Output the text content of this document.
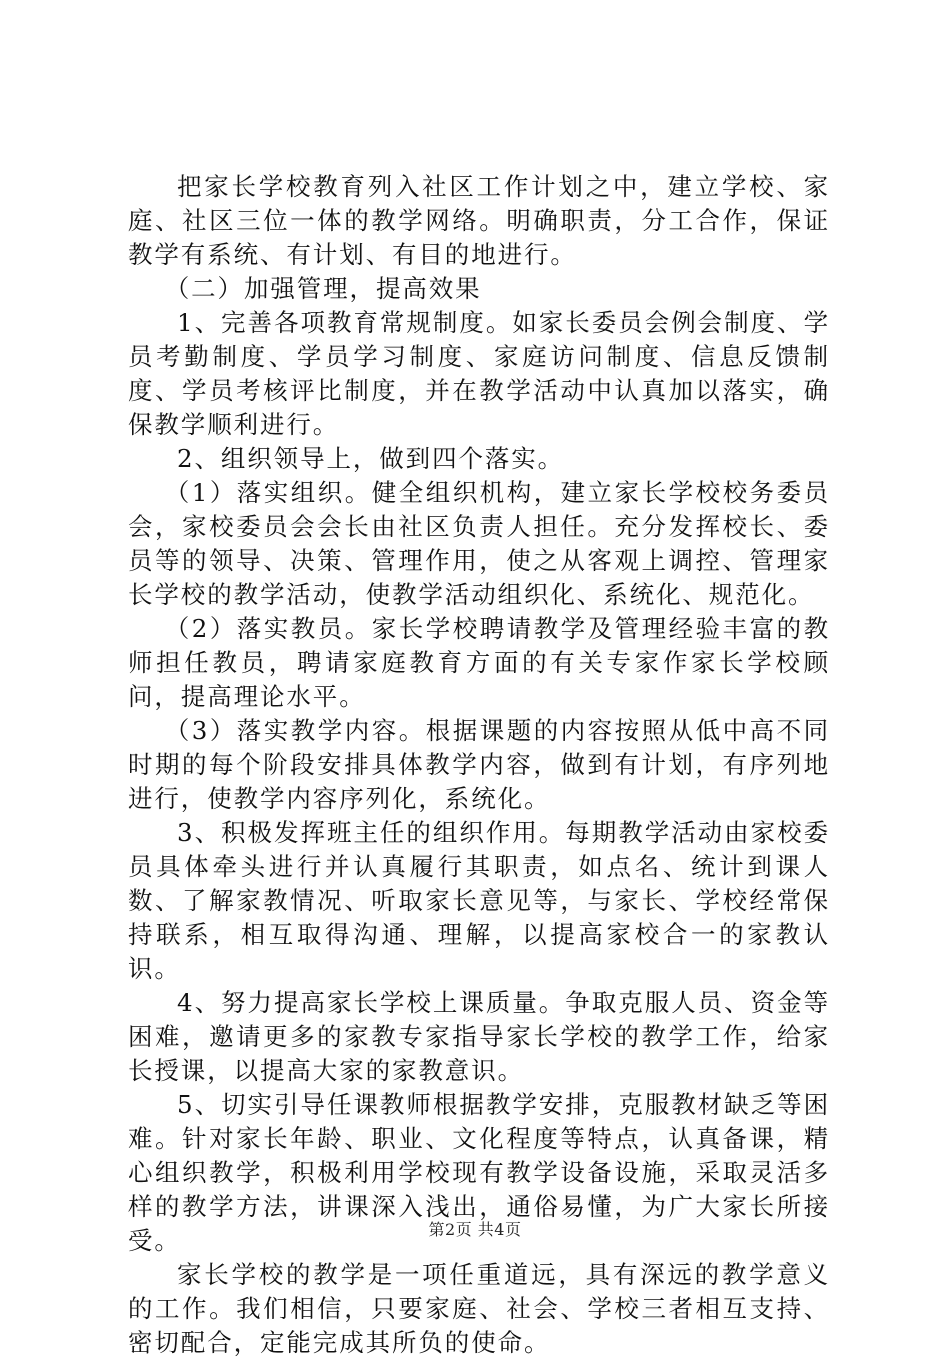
把家长学校教育列入社区工作计划之中，建立学校、家庭、社区三位一体的教学网络。明确职责，分工合作，保证教学有系统、有计划、有目的地进行。

（二）加强管理，提高效果

1、完善各项教育常规制度。如家长委员会例会制度、学员考勤制度、学员学习制度、家庭访问制度、信息反馈制度、学员考核评比制度，并在教学活动中认真加以落实，确保教学顺利进行。

2、组织领导上，做到四个落实。

（1）落实组织。健全组织机构，建立家长学校校务委员会，家校委员会会长由社区负责人担任。充分发挥校长、委员等的领导、决策、管理作用，使之从客观上调控、管理家长学校的教学活动，使教学活动组织化、系统化、规范化。

（2）落实教员。家长学校聘请教学及管理经验丰富的教师担任教员，聘请家庭教育方面的有关专家作家长学校顾问，提高理论水平。

（3）落实教学内容。根据课题的内容按照从低中高不同时期的每个阶段安排具体教学内容，做到有计划，有序列地进行，使教学内容序列化，系统化。

3、积极发挥班主任的组织作用。每期教学活动由家校委员具体牵头进行并认真履行其职责，如点名、统计到课人数、了解家教情况、听取家长意见等，与家长、学校经常保持联系，相互取得沟通、理解，以提高家校合一的家教认识。

4、努力提高家长学校上课质量。争取克服人员、资金等困难，邀请更多的家教专家指导家长学校的教学工作，给家长授课，以提高大家的家教意识。

5、切实引导任课教师根据教学安排，克服教材缺乏等困难。针对家长年龄、职业、文化程度等特点，认真备课，精心组织教学，积极利用学校现有教学设备设施，采取灵活多样的教学方法，讲课深入浅出，通俗易懂，为广大家长所接受。

家长学校的教学是一项任重道远，具有深远的教学意义的工作。我们相信，只要家庭、社会、学校三者相互支持、密切配合，定能完成其所负的使命。

第2页 共4页
